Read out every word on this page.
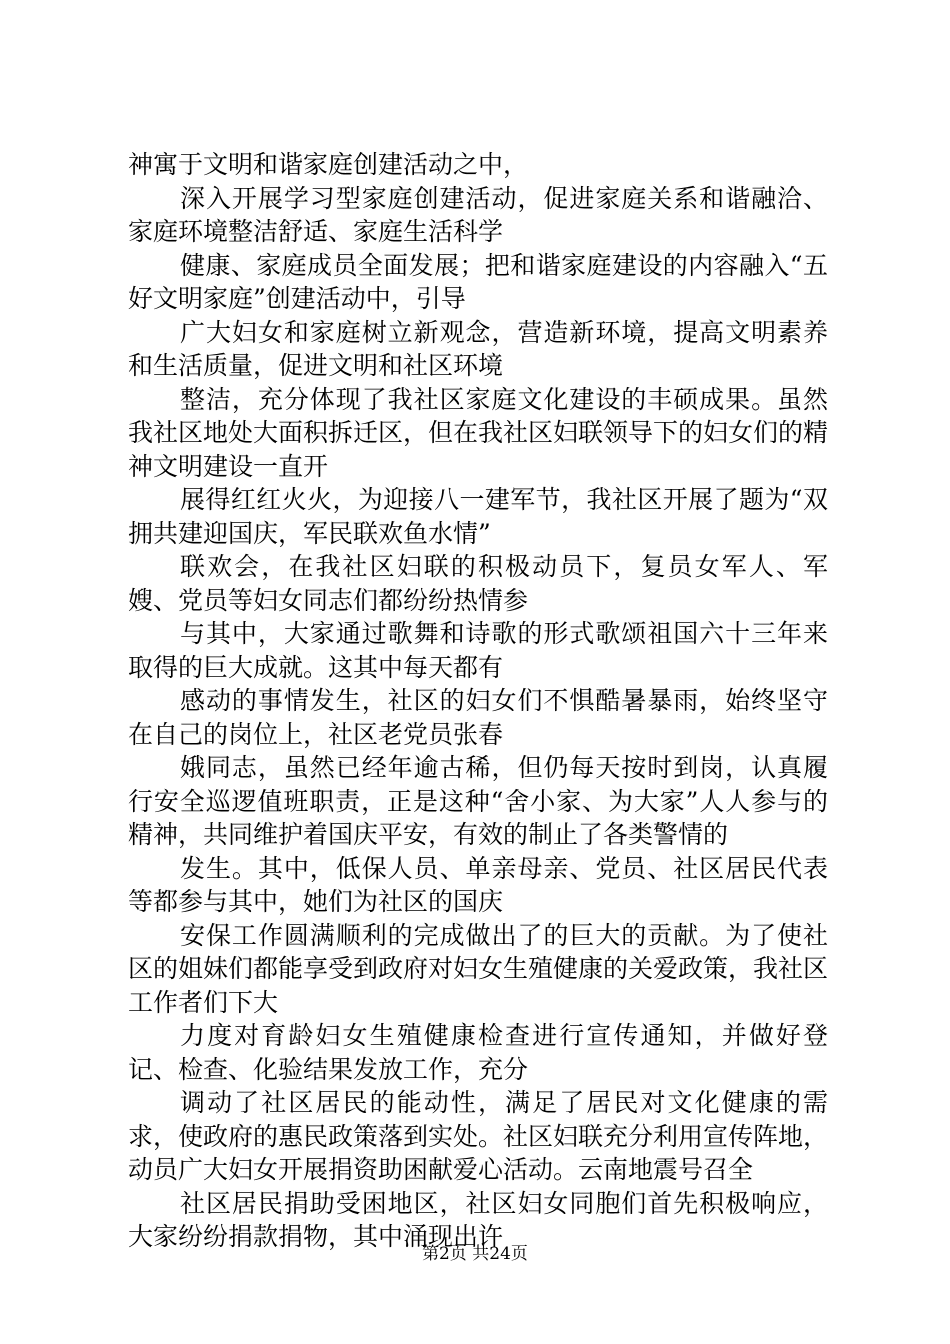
神寓于文明和谐家庭创建活动之中，

深入开展学习型家庭创建活动，促进家庭关系和谐融洽、家庭环境整洁舒适、家庭生活科学

健康、家庭成员全面发展；把和谐家庭建设的内容融入“五好文明家庭”创建活动中，引导

广大妇女和家庭树立新观念，营造新环境，提高文明素养和生活质量，促进文明和社区环境

整洁，充分体现了我社区家庭文化建设的丰硕成果。虽然我社区地处大面积拆迁区，但在我社区妇联领导下的妇女们的精神文明建设一直开

展得红红火火，为迎接八一建军节，我社区开展了题为“双拥共建迎国庆，军民联欢鱼水情”

联欢会，在我社区妇联的积极动员下，复员女军人、军嫂、党员等妇女同志们都纷纷热情参

与其中，大家通过歌舞和诗歌的形式歌颂祖国六十三年来取得的巨大成就。这其中每天都有

感动的事情发生，社区的妇女们不惧酷暑暴雨，始终坚守在自己的岗位上，社区老党员张春

娥同志，虽然已经年逾古稀，但仍每天按时到岗，认真履行安全巡逻值班职责，正是这种“舍小家、为大家”人人参与的精神，共同维护着国庆平安，有效的制止了各类警情的

发生。其中，低保人员、单亲母亲、党员、社区居民代表等都参与其中，她们为社区的国庆

安保工作圆满顺利的完成做出了的巨大的贡献。为了使社区的姐妹们都能享受到政府对妇女生殖健康的关爱政策，我社区工作者们下大

力度对育龄妇女生殖健康检查进行宣传通知，并做好登记、检查、化验结果发放工作，充分

调动了社区居民的能动性，满足了居民对文化健康的需求，使政府的惠民政策落到实处。社区妇联充分利用宣传阵地，动员广大妇女开展捐资助困献爱心活动。云南地震号召全

社区居民捐助受困地区，社区妇女同胞们首先积极响应，大家纷纷捐款捐物，其中涌现出许

第2页 共24页
